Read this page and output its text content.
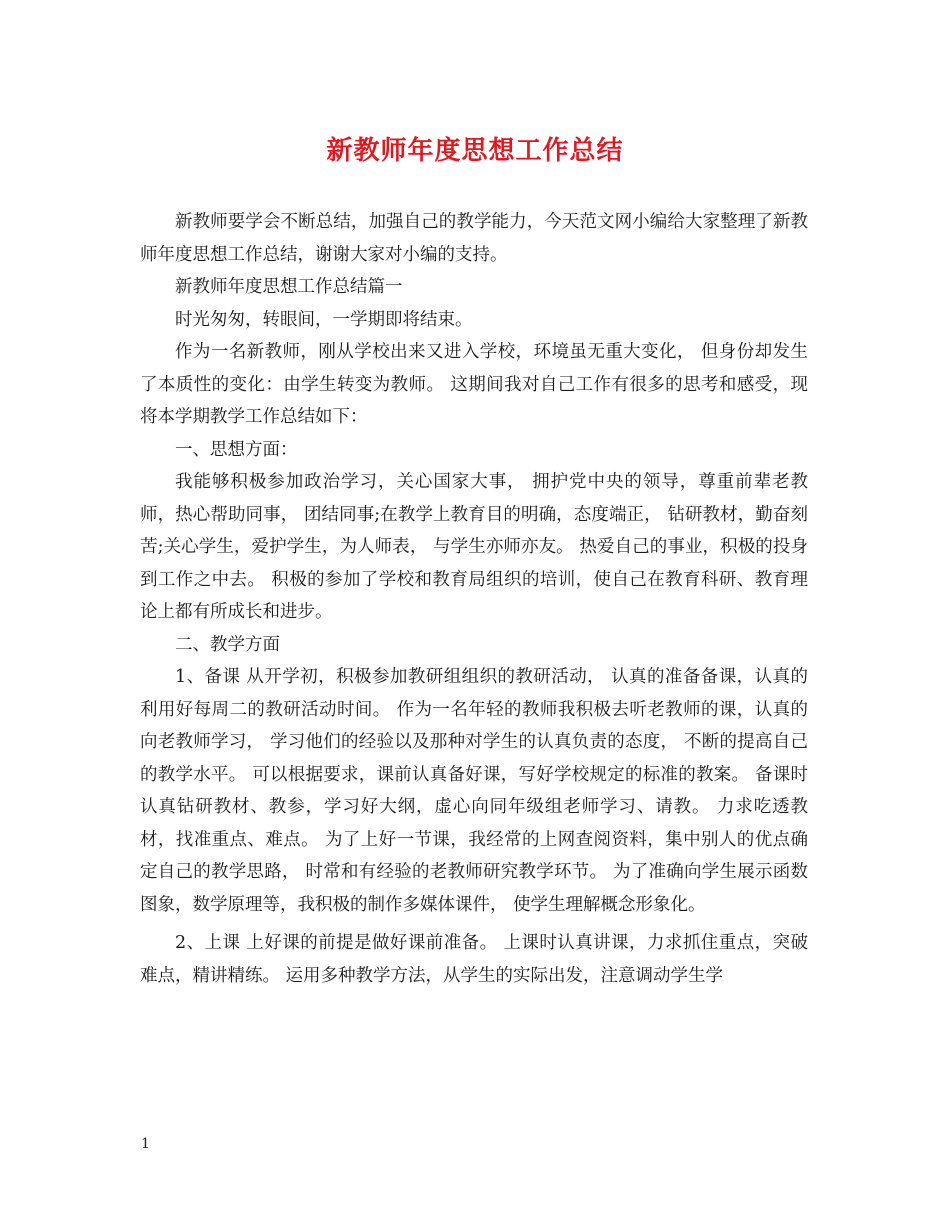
新教师年度思想工作总结

新教师要学会不断总结，加强自己的教学能力，今天范文网小编给大家整理了新教师年度思想工作总结，谢谢大家对小编的支持。

新教师年度思想工作总结篇一

时光匆匆，转眼间，一学期即将结束。

作为一名新教师，刚从学校出来又进入学校，环境虽无重大变化， 但身份却发生了本质性的变化：由学生转变为教师。 这期间我对自己工作有很多的思考和感受，现将本学期教学工作总结如下：

一、思想方面：

我能够积极参加政治学习，关心国家大事， 拥护党中央的领导，尊重前辈老教师，热心帮助同事， 团结同事;在教学上教育目的明确，态度端正， 钻研教材，勤奋刻苦;关心学生，爱护学生，为人师表， 与学生亦师亦友。 热爱自己的事业，积极的投身到工作之中去。 积极的参加了学校和教育局组织的培训，使自己在教育科研、教育理论上都有所成长和进步。

二、教学方面

1、备课 从开学初，积极参加教研组组织的教研活动， 认真的准备备课，认真的利用好每周二的教研活动时间。 作为一名年轻的教师我积极去听老教师的课，认真的向老教师学习， 学习他们的经验以及那种对学生的认真负责的态度， 不断的提高自己的教学水平。 可以根据要求，课前认真备好课，写好学校规定的标准的教案。 备课时认真钻研教材、教参，学习好大纲，虚心向同年级组老师学习、请教。 力求吃透教材，找准重点、难点。 为了上好一节课，我经常的上网查阅资料，集中别人的优点确定自己的教学思路， 时常和有经验的老教师研究教学环节。 为了准确向学生展示函数图象，数学原理等，我积极的制作多媒体课件， 使学生理解概念形象化。

2、上课 上好课的前提是做好课前准备。 上课时认真讲课，力求抓住重点，突破难点，精讲精练。 运用多种教学方法，从学生的实际出发，注意调动学生学

1
